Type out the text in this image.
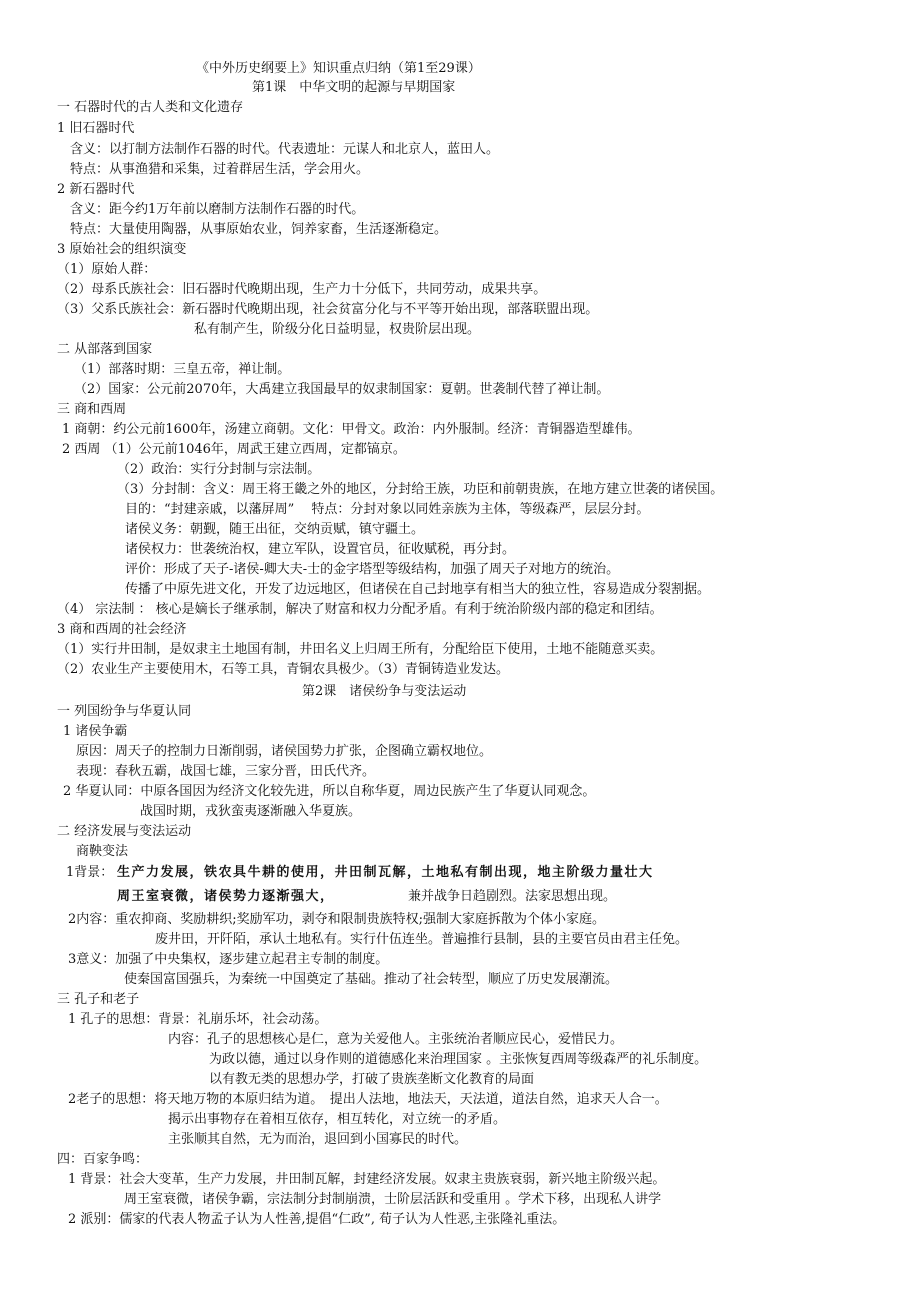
《中外历史纲要上》知识重点归纳（第1至29课）
第1课　中华文明的起源与早期国家
一 石器时代的古人类和文化遗存
1 旧石器时代
含义：以打制方法制作石器的时代。代表遗址：元谋人和北京人，蓝田人。
特点：从事渔猎和采集，过着群居生活，学会用火。
2 新石器时代
含义：距今约1万年前以磨制方法制作石器的时代。
特点：大量使用陶器，从事原始农业，饲养家畜，生活逐渐稳定。
3 原始社会的组织演变
（1）原始人群：
（2）母系氏族社会：旧石器时代晚期出现，生产力十分低下，共同劳动，成果共享。
（3）父系氏族社会：新石器时代晚期出现，社会贫富分化与不平等开始出现，部落联盟出现。
私有制产生，阶级分化日益明显，权贵阶层出现。
二 从部落到国家
（1）部落时期：三皇五帝，禅让制。
（2）国家：公元前2070年，大禹建立我国最早的奴隶制国家：夏朝。世袭制代替了禅让制。
三 商和西周
1 商朝：约公元前1600年，汤建立商朝。文化：甲骨文。政治：内外服制。经济：青铜器造型雄伟。
2 西周 （1）公元前1046年，周武王建立西周，定都镐京。
（2）政治：实行分封制与宗法制。
（3）分封制：含义：周王将王畿之外的地区，分封给王族，功臣和前朝贵族，在地方建立世袭的诸侯国。
目的：“封建亲戚，以藩屏周”　 特点：分封对象以同姓亲族为主体，等级森严，层层分封。
诸侯义务：朝觐，随王出征，交纳贡赋，镇守疆土。
诸侯权力：世袭统治权，建立军队，设置官员，征收赋税，再分封。
评价：形成了天子-诸侯-卿大夫-士的金字塔型等级结构，加强了周天子对地方的统治。
传播了中原先进文化，开发了边远地区，但诸侯在自己封地享有相当大的独立性，容易造成分裂割据。
（4） 宗法制 ： 核心是嫡长子继承制，解决了财富和权力分配矛盾。有利于统治阶级内部的稳定和团结。
3 商和西周的社会经济
（1）实行井田制，是奴隶主土地国有制，井田名义上归周王所有，分配给臣下使用，土地不能随意买卖。
（2）农业生产主要使用木，石等工具，青铜农具极少。（3）青铜铸造业发达。
第2课　诸侯纷争与变法运动
一 列国纷争与华夏认同
1 诸侯争霸
原因：周天子的控制力日渐削弱，诸侯国势力扩张，企图确立霸权地位。
表现：春秋五霸，战国七雄，三家分晋，田氏代齐。
2 华夏认同：中原各国因为经济文化较先进，所以自称华夏，周边民族产生了华夏认同观念。
战国时期，戎狄蛮夷逐渐融入华夏族。
二 经济发展与变法运动
商鞅变法
1背景： 生产力发展，铁农具牛耕的使用，井田制瓦解，土地私有制出现，地主阶级力量壮大
周王室衰微，诸侯势力逐渐强大，	兼并战争日趋剧烈。法家思想出现。
2内容：重农抑商、奖励耕织;奖励军功，剥夺和限制贵族特权;强制大家庭拆散为个体小家庭。
废井田，开阡陌，承认土地私有。实行什伍连坐。普遍推行县制，县的主要官员由君主任免。
3意义：加强了中央集权，逐步建立起君主专制的制度。
使秦国富国强兵，为秦统一中国奠定了基础。推动了社会转型，顺应了历史发展潮流。
三 孔子和老子
1 孔子的思想：背景：礼崩乐坏，社会动荡。
内容：孔子的思想核心是仁，意为关爱他人。主张统治者顺应民心，爱惜民力。
为政以德，通过以身作则的道德感化来治理国家 。主张恢复西周等级森严的礼乐制度。
以有教无类的思想办学，打破了贵族垄断文化教育的局面
2老子的思想：将天地万物的本原归结为道。　提出人法地，地法天，天法道，道法自然，追求天人合一。
揭示出事物存在着相互依存，相互转化，对立统一的矛盾。
主张顺其自然，无为而治，退回到小国寡民的时代。
四：百家争鸣：
1 背景：社会大变革，生产力发展，井田制瓦解，封建经济发展。奴隶主贵族衰弱，新兴地主阶级兴起。
周王室衰微，诸侯争霸，宗法制分封制崩溃，士阶层活跃和受重用 。学术下移，出现私人讲学
2 派别：儒家的代表人物孟子认为人性善,提倡“仁政”, 荀子认为人性恶,主张隆礼重法。
